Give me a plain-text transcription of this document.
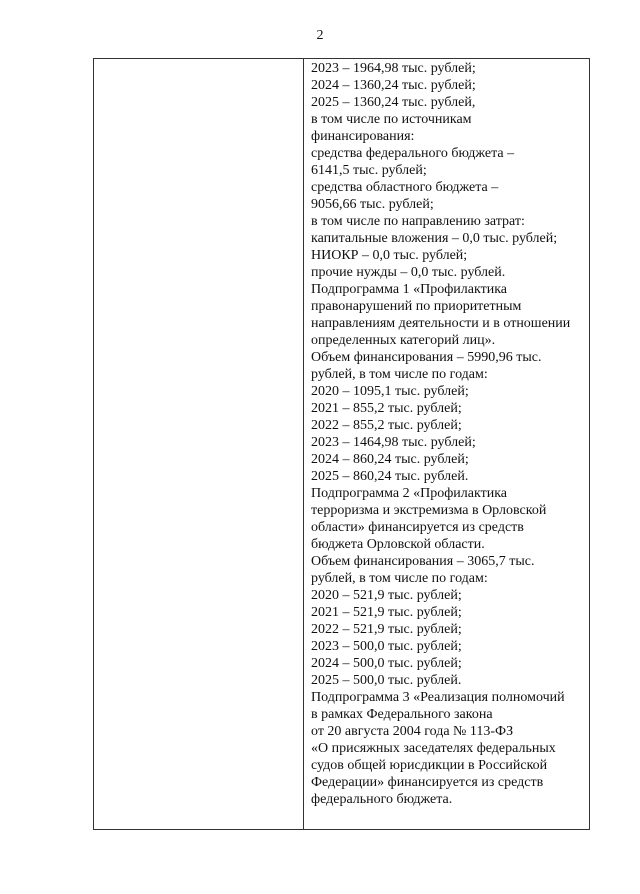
2
2023 – 1964,98 тыс. рублей;
2024 – 1360,24 тыс. рублей;
2025 – 1360,24 тыс. рублей,
в том числе по источникам
финансирования:
средства федерального бюджета –
6141,5 тыс. рублей;
средства областного бюджета –
9056,66 тыс. рублей;
в том числе по направлению затрат:
капитальные вложения – 0,0 тыс. рублей;
НИОКР – 0,0 тыс. рублей;
прочие нужды – 0,0 тыс. рублей.
Подпрограмма 1 «Профилактика
правонарушений по приоритетным
направлениям деятельности и в отношении
определенных категорий лиц».
Объем финансирования – 5990,96 тыс.
рублей, в том числе по годам:
2020 – 1095,1 тыс. рублей;
2021 – 855,2 тыс. рублей;
2022 – 855,2 тыс. рублей;
2023 – 1464,98 тыс. рублей;
2024 – 860,24 тыс. рублей;
2025 – 860,24 тыс. рублей.
Подпрограмма 2 «Профилактика
терроризма и экстремизма в Орловской
области» финансируется из средств
бюджета Орловской области.
Объем финансирования – 3065,7 тыс.
рублей, в том числе по годам:
2020 – 521,9 тыс. рублей;
2021 – 521,9 тыс. рублей;
2022 – 521,9 тыс. рублей;
2023 – 500,0 тыс. рублей;
2024 – 500,0 тыс. рублей;
2025 – 500,0 тыс. рублей.
Подпрограмма 3 «Реализация полномочий
в рамках Федерального закона
от 20 августа 2004 года № 113-ФЗ
«О присяжных заседателях федеральных
судов общей юрисдикции в Российской
Федерации» финансируется из средств
федерального бюджета.
